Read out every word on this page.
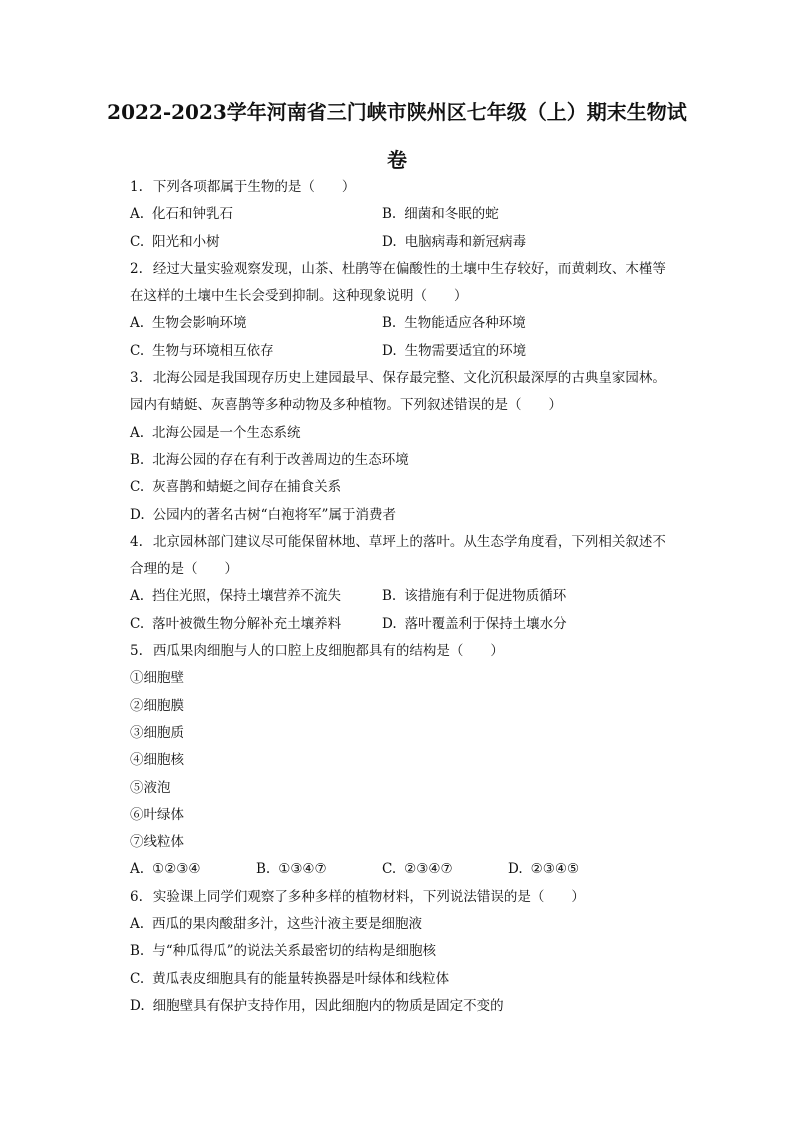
2022-2023学年河南省三门峡市陕州区七年级（上）期末生物试
卷
1. 下列各项都属于生物的是（　　）
A. 化石和钟乳石	B. 细菌和冬眠的蛇
C. 阳光和小树	D. 电脑病毒和新冠病毒
2. 经过大量实验观察发现，山茶、杜鹃等在偏酸性的土壤中生存较好，而黄刺玫、木槿等
在这样的土壤中生长会受到抑制。这种现象说明（　　）
A. 生物会影响环境	B. 生物能适应各种环境
C. 生物与环境相互依存	D. 生物需要适宜的环境
3. 北海公园是我国现存历史上建园最早、保存最完整、文化沉积最深厚的古典皇家园林。
园内有蜻蜓、灰喜鹊等多种动物及多种植物。下列叙述错误的是（　　）
A. 北海公园是一个生态系统
B. 北海公园的存在有利于改善周边的生态环境
C. 灰喜鹊和蜻蜓之间存在捕食关系
D. 公园内的著名古树“白袍将军”属于消费者
4. 北京园林部门建议尽可能保留林地、草坪上的落叶。从生态学角度看，下列相关叙述不
合理的是（　　）
A. 挡住光照，保持土壤营养不流失	B. 该措施有利于促进物质循环
C. 落叶被微生物分解补充土壤养料	D. 落叶覆盖利于保持土壤水分
5. 西瓜果肉细胞与人的口腔上皮细胞都具有的结构是（　　）
①细胞壁
②细胞膜
③细胞质
④细胞核
⑤液泡
⑥叶绿体
⑦线粒体
A. ①②③④	B. ①③④⑦	C. ②③④⑦	D. ②③④⑤
6. 实验课上同学们观察了多种多样的植物材料，下列说法错误的是（　　）
A. 西瓜的果肉酸甜多汁，这些汁液主要是细胞液
B. 与“种瓜得瓜”的说法关系最密切的结构是细胞核
C. 黄瓜表皮细胞具有的能量转换器是叶绿体和线粒体
D. 细胞壁具有保护支持作用，因此细胞内的物质是固定不变的
